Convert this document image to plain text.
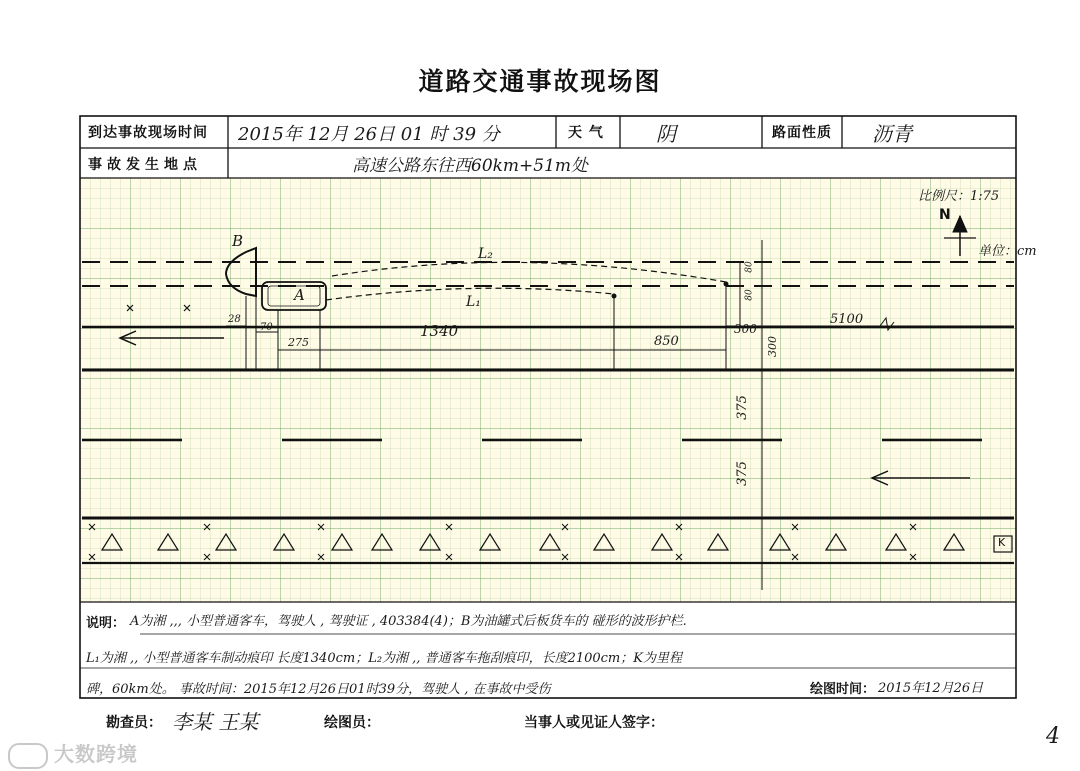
道路交通事故现场图
到达事故现场时间 2015年 12月 26日 01 时 39 分	天 气	阴	路面性质 沥青
事故发生地点	高速公路东往西60km+51m处
比例尺：1:75
单位：cm
N
B
A
L₂
L₁
K
28
70
275
1340
850
300
5100
80
80
300
375
375
说明： A为湘 ,,, 小型普通客车，驾驶人 , 驾驶证 , 403384(4)；B为油罐式后板货车的 碰形的波形护栏.
L₁为湘 ,, 小型普通客车制动痕印 长度1340cm；L₂为湘 ,, 普通客车拖刮痕印，长度2100cm；K为里程
碑，60km处。 事故时间：2015年12月26日01时39分，驾驶人 , 在事故中受伤	绘图时间： 2015年12月26日
勘查员： 李某 王某	绘图员：	当事人或见证人签字：
4
大数跨境
